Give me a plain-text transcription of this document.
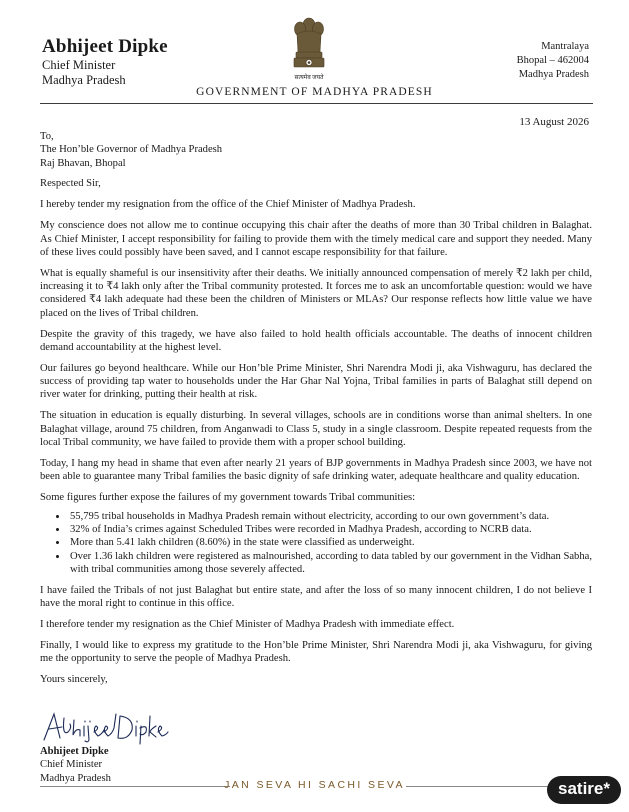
Abhijeet Dipke
Chief Minister
Madhya Pradesh	सत्यमेव जयते
Mantralaya
Bhopal – 462004
Madhya Pradesh
GOVERNMENT OF MADHYA PRADESH
13 August 2026
To,
The Hon’ble Governor of Madhya Pradesh
Raj Bhavan, Bhopal

Respected Sir,

I hereby tender my resignation from the office of the Chief Minister of Madhya Pradesh.

My conscience does not allow me to continue occupying this chair after the deaths of more than 30 Tribal children in Balaghat. As Chief Minister, I accept responsibility for failing to provide them with the timely medical care and support they needed. Many of these lives could possibly have been saved, and I cannot escape responsibility for that failure.

What is equally shameful is our insensitivity after their deaths. We initially announced compensation of merely ₹2 lakh per child, increasing it to ₹4 lakh only after the Tribal community protested. It forces me to ask an uncomfortable question: would we have considered ₹4 lakh adequate had these been the children of Ministers or MLAs? Our response reflects how little value we have placed on the lives of Tribal children.

Despite the gravity of this tragedy, we have also failed to hold health officials accountable. The deaths of innocent children demand accountability at the highest level.

Our failures go beyond healthcare. While our Hon’ble Prime Minister, Shri Narendra Modi ji, aka Vishwaguru, has declared the success of providing tap water to households under the Har Ghar Nal Yojna, Tribal families in parts of Balaghat still depend on river water for drinking, putting their health at risk.

The situation in education is equally disturbing. In several villages, schools are in conditions worse than animal shelters. In one Balaghat village, around 75 children, from Anganwadi to Class 5, study in a single classroom. Despite repeated requests from the local Tribal community, we have failed to provide them with a proper school building.

Today, I hang my head in shame that even after nearly 21 years of BJP governments in Madhya Pradesh since 2003, we have not been able to guarantee many Tribal families the basic dignity of safe drinking water, adequate healthcare and quality education.

Some figures further expose the failures of my government towards Tribal communities:

• 55,795 tribal households in Madhya Pradesh remain without electricity, according to our own government’s data.
• 32% of India’s crimes against Scheduled Tribes were recorded in Madhya Pradesh, according to NCRB data.
• More than 5.41 lakh children (8.60%) in the state were classified as underweight.
• Over 1.36 lakh children were registered as malnourished, according to data tabled by our government in the Vidhan Sabha, with tribal communities among those severely affected.

I have failed the Tribals of not just Balaghat but entire state, and after the loss of so many innocent children, I do not believe I have the moral right to continue in this office.

I therefore tender my resignation as the Chief Minister of Madhya Pradesh with immediate effect.

Finally, I would like to express my gratitude to the Hon’ble Prime Minister, Shri Narendra Modi ji, aka Vishwaguru, for giving me the opportunity to serve the people of Madhya Pradesh.

Yours sincerely,

Abhijeet Dipke
Chief Minister
Madhya Pradesh
JAN SEVA HI SACHI SEVA	satire*
